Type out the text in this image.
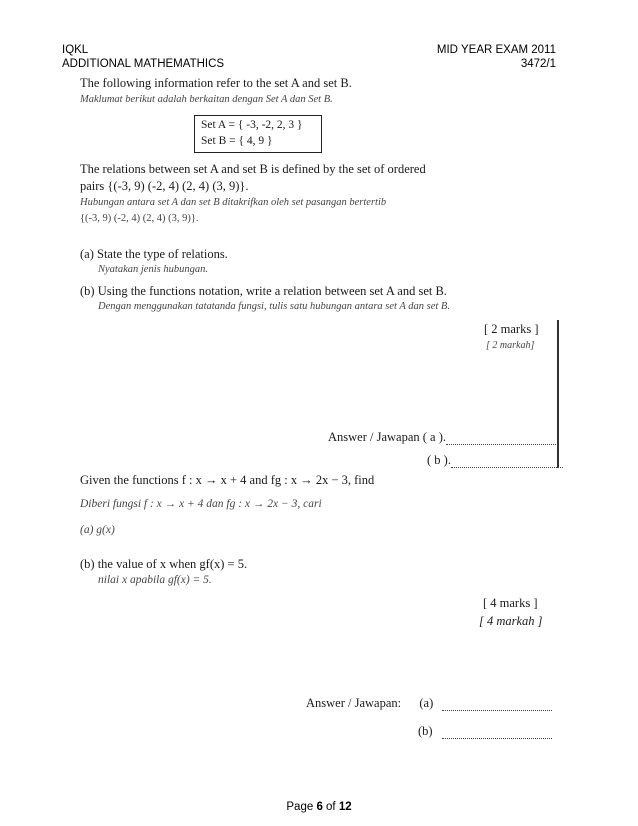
IQKL
ADDITIONAL MATHEMATHICS
MID YEAR EXAM 2011
3472/1
The following information refer to the set A and set B.
Maklumat berikut adalah berkaitan dengan Set A dan Set B.
Set A = { -3, -2, 2, 3 }
Set B = { 4, 9 }
The relations between set A and set B is defined by the set of ordered
pairs {(-3, 9) (-2, 4) (2, 4) (3, 9)}.
Hubungan antara set A dan set B ditakrifkan oleh set pasangan bertertib
{(-3, 9) (-2, 4) (2, 4) (3, 9)}.
(a) State the type of relations.
Nyatakan jenis hubungan.
(b) Using the functions notation, write a relation between set A and set B.
Dengan menggunakan tatatanda fungsi, tulis satu hubungan antara set A dan set B.
[ 2 marks ]
[ 2 markah]
Answer / Jawapan ( a ).
( b ).
Given the functions f : x → x + 4 and fg : x → 2x − 3, find
Diberi fungsi f : x → x + 4 dan fg : x → 2x − 3, cari
(a) g(x)
(b) the value of x when gf(x) = 5.
nilai x apabila gf(x) = 5.
[ 4 marks ]
[ 4 markah ]
Answer / Jawapan: (a)
(b)
Page 6 of 12
